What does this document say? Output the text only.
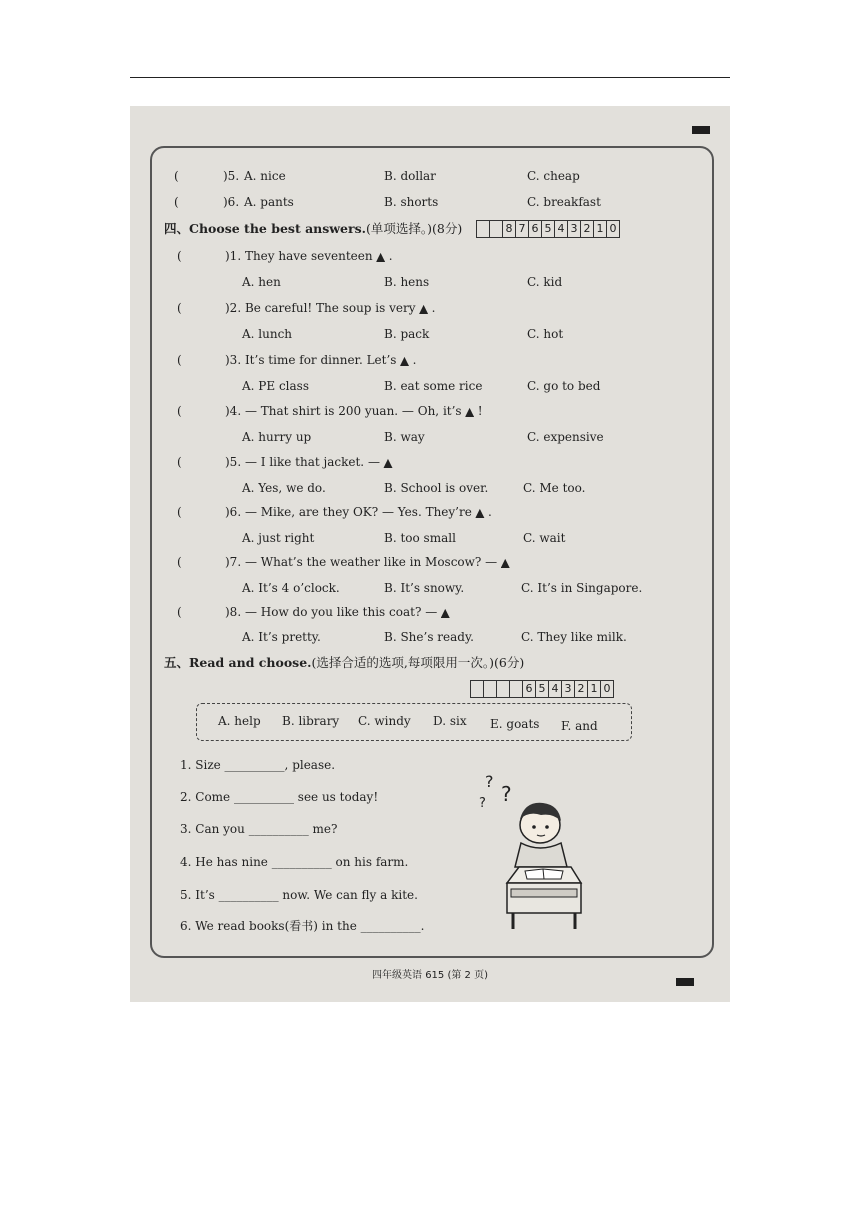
(	)5. A. nice	B. dollar	C. cheap
(	)6. A. pants	B. shorts	C. breakfast
四、Choose the best answers.(单项选择。)(8分)	8 7 6 5 4 3 2 1 0
(	)1. They have seventeen ▲ .
A. hen	B. hens	C. kid
(	)2. Be careful! The soup is very ▲ .
A. lunch	B. pack	C. hot
(	)3. It’s time for dinner. Let’s ▲ .
A. PE class	B. eat some rice	C. go to bed
(	)4. — That shirt is 200 yuan. — Oh, it’s ▲ !
A. hurry up	B. way	C. expensive
(	)5. — I like that jacket. — ▲
A. Yes, we do.	B. School is over.	C. Me too.
(	)6. — Mike, are they OK? — Yes. They’re ▲ .
A. just right	B. too small	C. wait
(	)7. — What’s the weather like in Moscow? — ▲
A. It’s 4 o’clock.	B. It’s snowy.	C. It’s in Singapore.
(	)8. — How do you like this coat? — ▲
A. It’s pretty.	B. She’s ready.	C. They like milk.
五、Read and choose.(选择合适的选项,每项限用一次。)(6分)
6 5 4 3 2 1 0
A. help B. library C. windy D. six E. goats F. and
1. Size __________, please.
2. Come __________ see us today!
3. Can you __________ me?
4. He has nine __________ on his farm.
5. It’s __________ now. We can fly a kite.
6. We read books(看书) in the __________.
?
? ?
四年级英语 615 (第 2 页)
